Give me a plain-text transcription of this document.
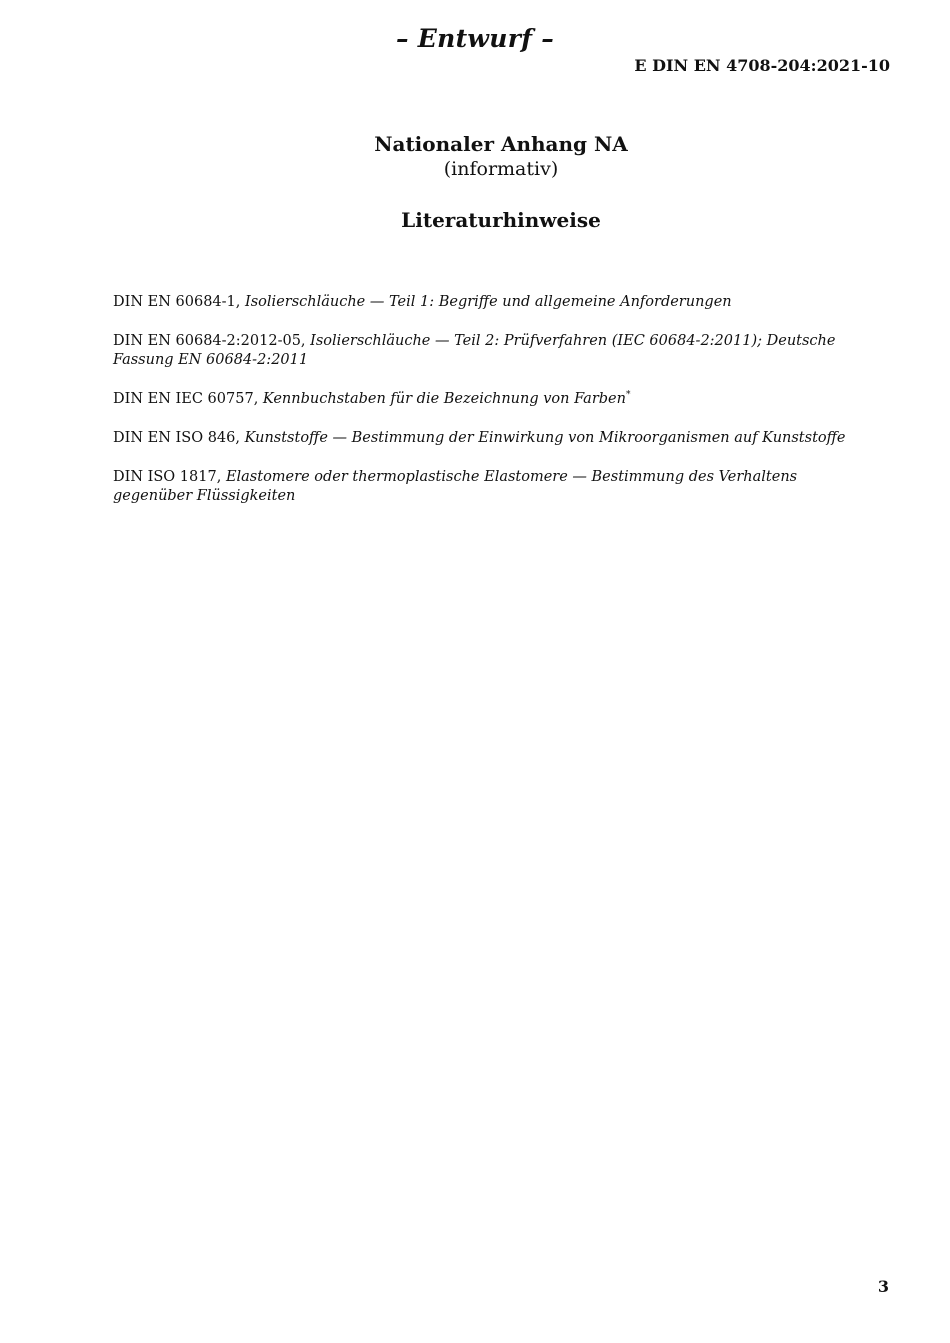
– Entwurf –
E DIN EN 4708-204:2021-10
Nationaler Anhang NA
(informativ)
Literaturhinweise
DIN EN 60684-1, Isolierschläuche — Teil 1: Begriffe und allgemeine Anforderungen
DIN EN 60684-2:2012-05, Isolierschläuche — Teil 2: Prüfverfahren (IEC 60684-2:2011); Deutsche Fassung EN 60684-2:2011
DIN EN IEC 60757, Kennbuchstaben für die Bezeichnung von Farben*
DIN EN ISO 846, Kunststoffe — Bestimmung der Einwirkung von Mikroorganismen auf Kunststoffe
DIN ISO 1817, Elastomere oder thermoplastische Elastomere — Bestimmung des Verhaltens gegenüber Flüssigkeiten
3
